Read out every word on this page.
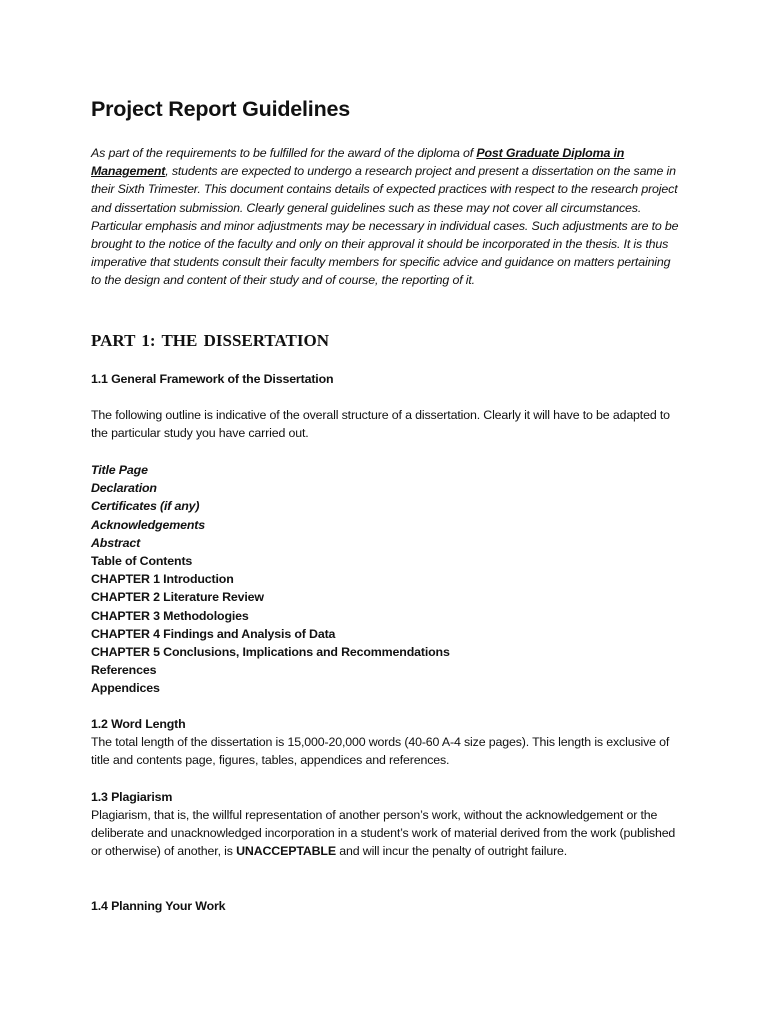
Project Report Guidelines

As part of the requirements to be fulfilled for the award of the diploma of Post Graduate Diploma in Management, students are expected to undergo a research project and present a dissertation on the same in their Sixth Trimester. This document contains details of expected practices with respect to the research project and dissertation submission. Clearly general guidelines such as these may not cover all circumstances. Particular emphasis and minor adjustments may be necessary in individual cases. Such adjustments are to be brought to the notice of the faculty and only on their approval it should be incorporated in the thesis. It is thus imperative that students consult their faculty members for specific advice and guidance on matters pertaining to the design and content of their study and of course, the reporting of it.

PART 1: THE DISSERTATION
1.1 General Framework of the Dissertation

The following outline is indicative of the overall structure of a dissertation. Clearly it will have to be adapted to the particular study you have carried out.

Title Page
Declaration
Certificates (if any)
Acknowledgements
Abstract
Table of Contents
CHAPTER 1 Introduction
CHAPTER 2 Literature Review
CHAPTER 3 Methodologies
CHAPTER 4 Findings and Analysis of Data
CHAPTER 5 Conclusions, Implications and Recommendations
References
Appendices
1.2 Word Length

The total length of the dissertation is 15,000-20,000 words (40-60 A-4 size pages). This length is exclusive of title and contents page, figures, tables, appendices and references.

1.3 Plagiarism

Plagiarism, that is, the willful representation of another person’s work, without the acknowledgement or the deliberate and unacknowledged incorporation in a student’s work of material derived from the work (published or otherwise) of another, is UNACCEPTABLE and will incur the penalty of outright failure.

1.4 Planning Your Work
